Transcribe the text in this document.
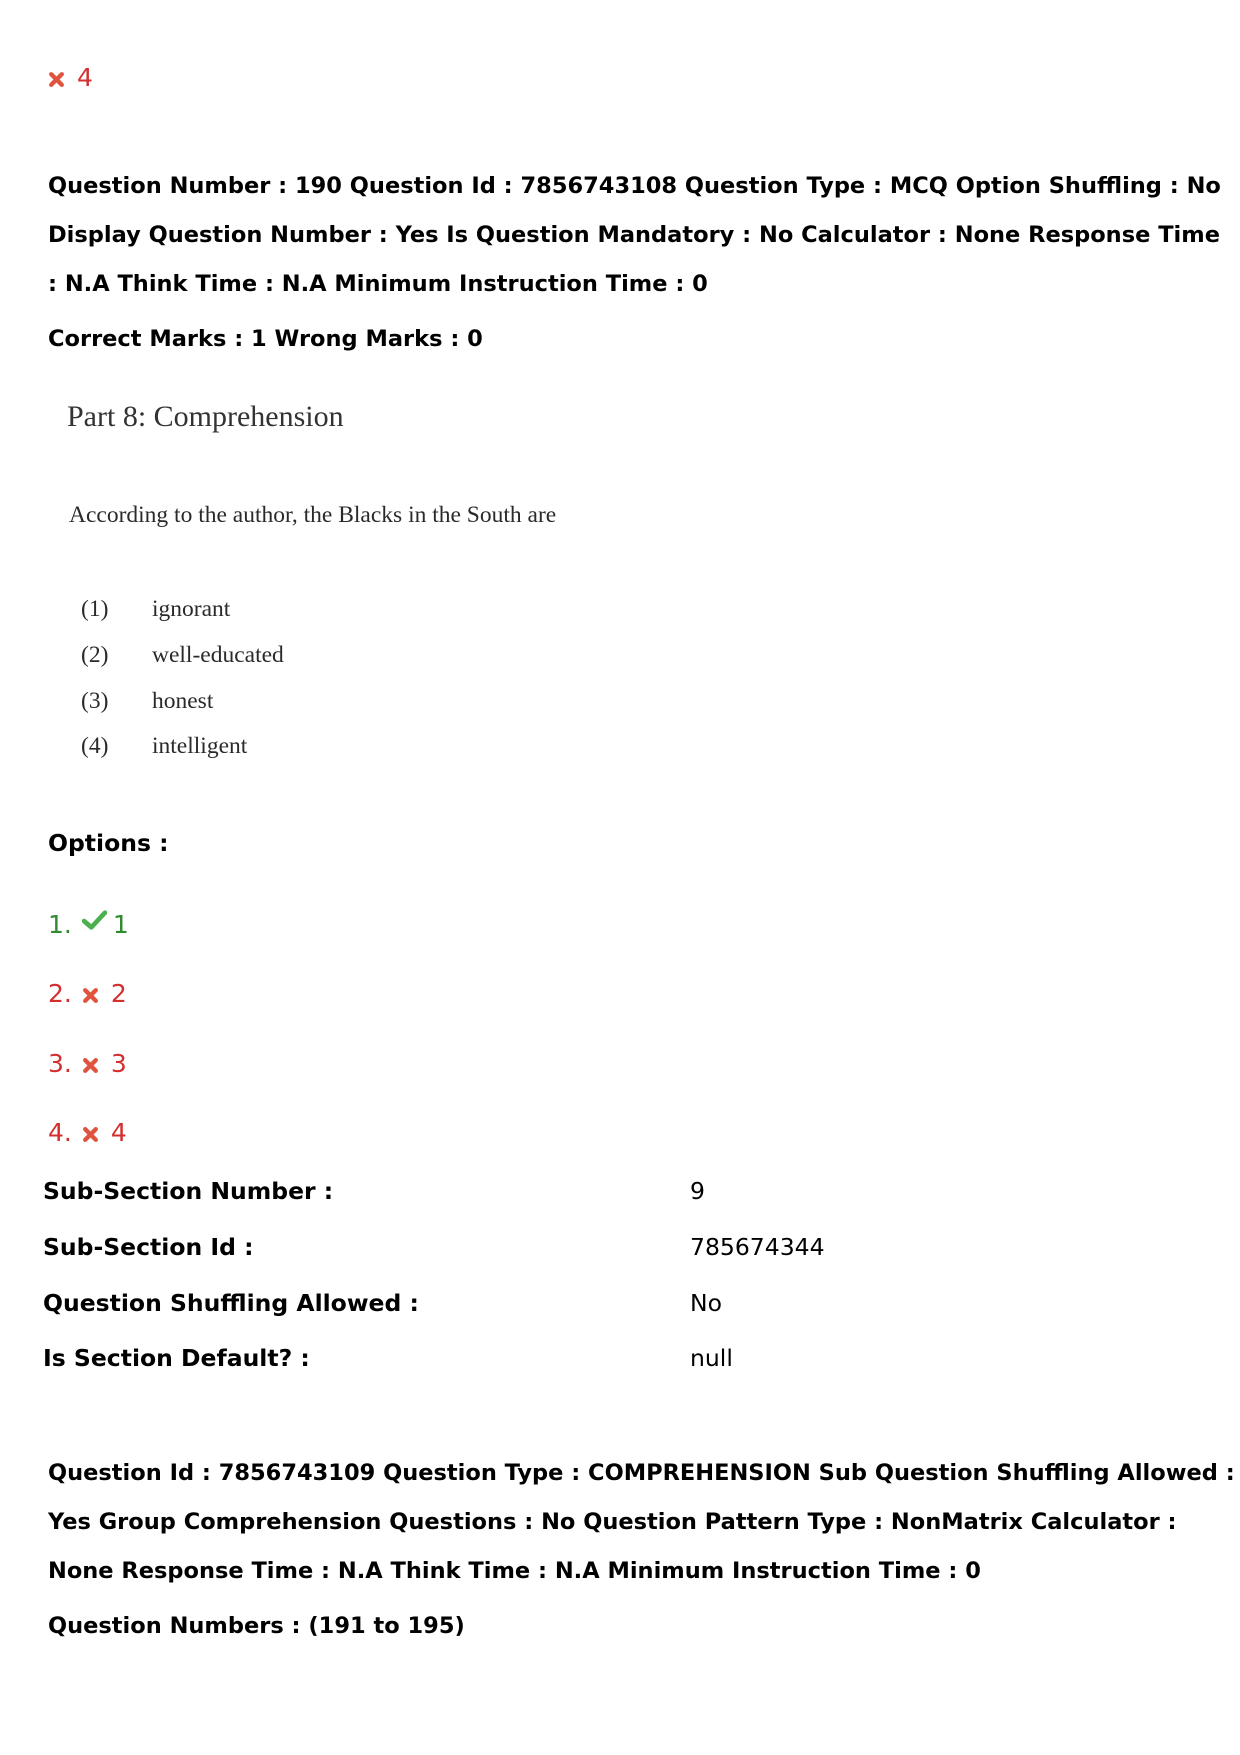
4
Question Number : 190 Question Id : 7856743108 Question Type : MCQ Option Shuffling : No
Display Question Number : Yes Is Question Mandatory : No Calculator : None Response Time
: N.A Think Time : N.A Minimum Instruction Time : 0
Correct Marks : 1 Wrong Marks : 0
Part 8: Comprehension
According to the author, the Blacks in the South are
(1)	ignorant
(2)	well-educated
(3)	honest
(4)	intelligent
Options :
1. 1
2. 2
3. 3
4. 4
Sub-Section Number :	9
Sub-Section Id :	785674344
Question Shuffling Allowed :	No
Is Section Default? :	null
Question Id : 7856743109 Question Type : COMPREHENSION Sub Question Shuffling Allowed :
Yes Group Comprehension Questions : No Question Pattern Type : NonMatrix Calculator :
None Response Time : N.A Think Time : N.A Minimum Instruction Time : 0
Question Numbers : (191 to 195)
